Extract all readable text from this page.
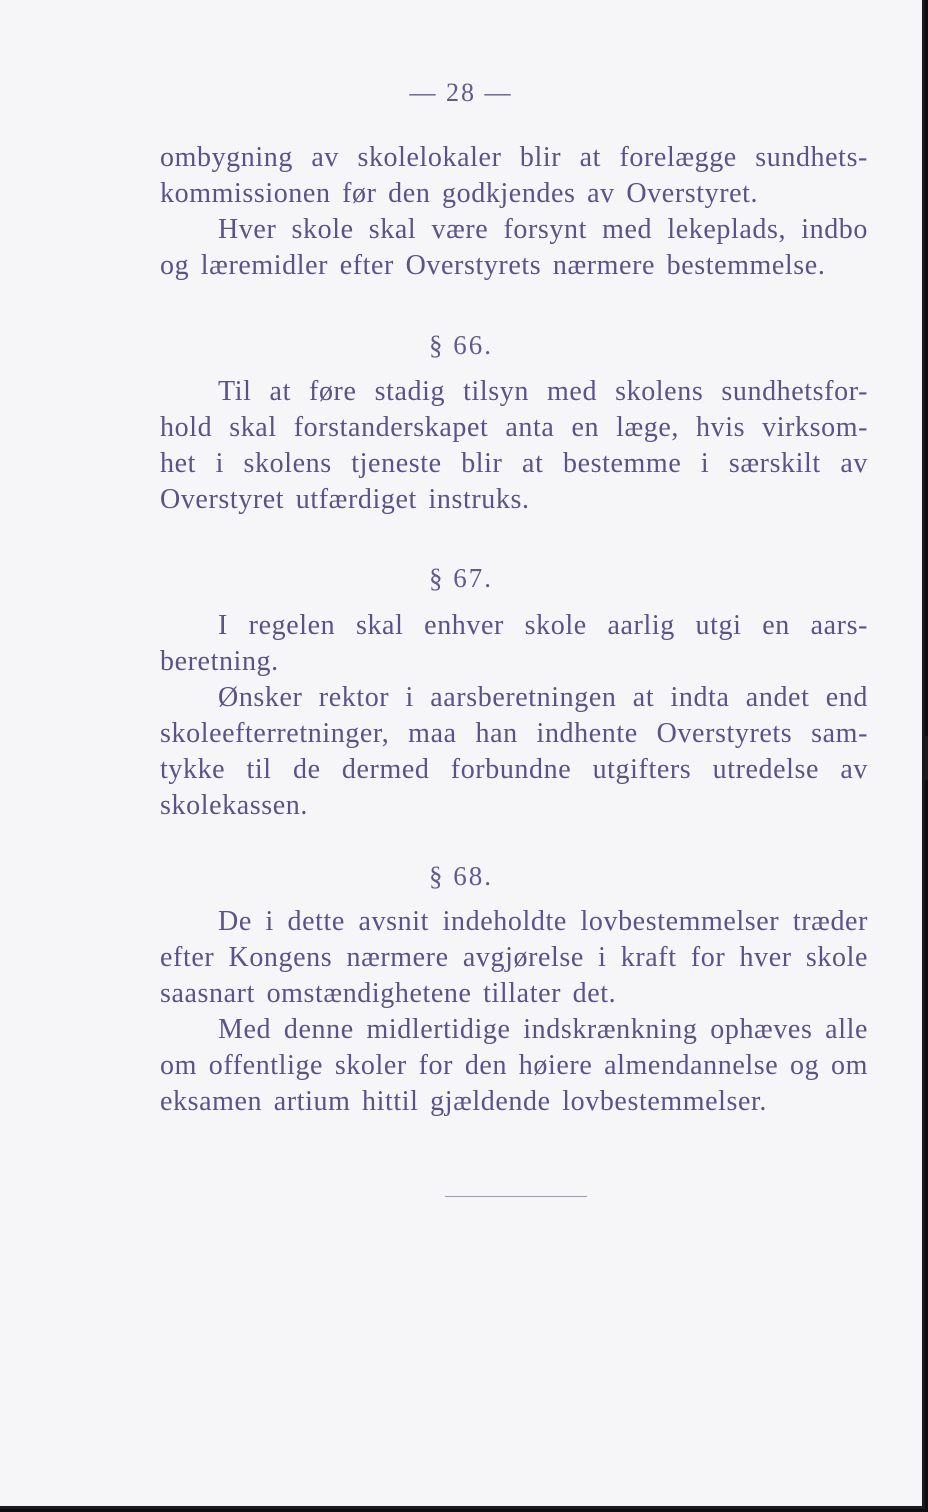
— 28 —
ombygning av skolelokaler blir at forelægge sundhets-
kommissionen før den godkjendes av Overstyret.
Hver skole skal være forsynt med lekeplads, indbo
og læremidler efter Overstyrets nærmere bestemmelse.
§ 66.
Til at føre stadig tilsyn med skolens sundhetsfor-
hold skal forstanderskapet anta en læge, hvis virksom-
het i skolens tjeneste blir at bestemme i særskilt av
Overstyret utfærdiget instruks.
§ 67.
I regelen skal enhver skole aarlig utgi en aars-
beretning.
Ønsker rektor i aarsberetningen at indta andet end
skoleefterretninger, maa han indhente Overstyrets sam-
tykke til de dermed forbundne utgifters utredelse av
skolekassen.
§ 68.
De i dette avsnit indeholdte lovbestemmelser træder
efter Kongens nærmere avgjørelse i kraft for hver skole
saasnart omstændighetene tillater det.
Med denne midlertidige indskrænkning ophæves alle
om offentlige skoler for den høiere almendannelse og om
eksamen artium hittil gjældende lovbestemmelser.
